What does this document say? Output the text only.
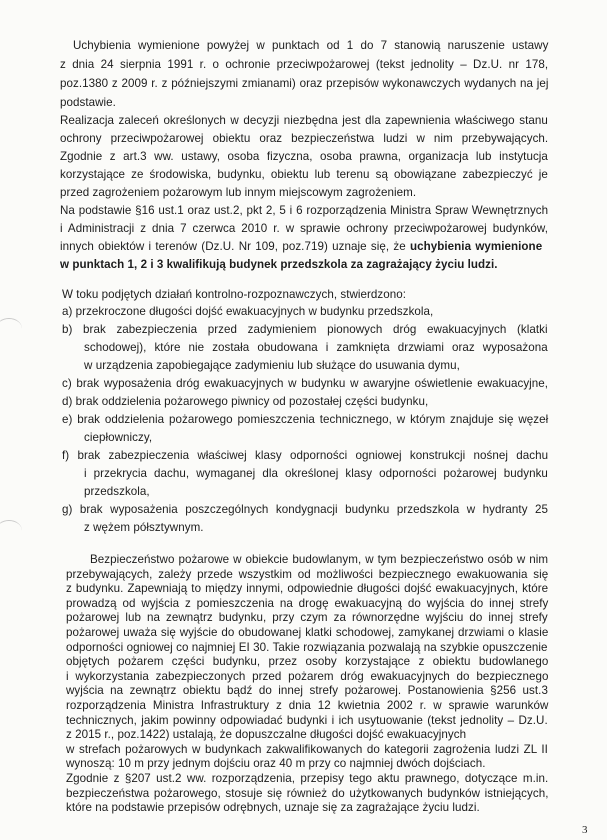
Uchybienia wymienione powyżej w punktach od 1 do 7 stanowią naruszenie ustawy
z dnia 24 sierpnia 1991 r. o ochronie przeciwpożarowej (tekst jednolity – Dz.U. nr 178,
poz.1380 z 2009 r. z późniejszymi zmianami) oraz przepisów wykonawczych wydanych na jej
podstawie.
Realizacja zaleceń określonych w decyzji niezbędna jest dla zapewnienia właściwego stanu
ochrony przeciwpożarowej obiektu oraz bezpieczeństwa ludzi w nim przebywających.
Zgodnie z art.3 ww. ustawy, osoba fizyczna, osoba prawna, organizacja lub instytucja
korzystające ze środowiska, budynku, obiektu lub terenu są obowiązane zabezpieczyć je
przed zagrożeniem pożarowym lub innym miejscowym zagrożeniem.
Na podstawie §16 ust.1 oraz ust.2, pkt 2, 5 i 6 rozporządzenia Ministra Spraw Wewnętrznych
i Administracji z dnia 7 czerwca 2010 r. w sprawie ochrony przeciwpożarowej budynków,
innych obiektów i terenów (Dz.U. Nr 109, poz.719) uznaje się, że uchybienia wymienione
w punktach 1, 2 i 3 kwalifikują budynek przedszkola za zagrażający życiu ludzi.
W toku podjętych działań kontrolno-rozpoznawczych, stwierdzono:
a) przekroczone długości dojść ewakuacyjnych w budynku przedszkola,
b) brak zabezpieczenia przed zadymieniem pionowych dróg ewakuacyjnych (klatki
schodowej), które nie została obudowana i zamknięta drzwiami oraz wyposażona
w urządzenia zapobiegające zadymieniu lub służące do usuwania dymu,
c) brak wyposażenia dróg ewakuacyjnych w budynku w awaryjne oświetlenie ewakuacyjne,
d) brak oddzielenia pożarowego piwnicy od pozostałej części budynku,
e) brak oddzielenia pożarowego pomieszczenia technicznego, w którym znajduje się węzeł
ciepłowniczy,
f) brak zabezpieczenia właściwej klasy odporności ogniowej konstrukcji nośnej dachu
i przekrycia dachu, wymaganej dla określonej klasy odporności pożarowej budynku
przedszkola,
g) brak wyposażenia poszczególnych kondygnacji budynku przedszkola w hydranty 25
z wężem półsztywnym.
Bezpieczeństwo pożarowe w obiekcie budowlanym, w tym bezpieczeństwo osób w nim
przebywających, zależy przede wszystkim od możliwości bezpiecznego ewakuowania się
z budynku. Zapewniają to między innymi, odpowiednie długości dojść ewakuacyjnych, które
prowadzą od wyjścia z pomieszczenia na drogę ewakuacyjną do wyjścia do innej strefy
pożarowej lub na zewnątrz budynku, przy czym za równorzędne wyjściu do innej strefy
pożarowej uważa się wyjście do obudowanej klatki schodowej, zamykanej drzwiami o klasie
odporności ogniowej co najmniej EI 30. Takie rozwiązania pozwalają na szybkie opuszczenie
objętych pożarem części budynku, przez osoby korzystające z obiektu budowlanego
i wykorzystania zabezpieczonych przed pożarem dróg ewakuacyjnych do bezpiecznego
wyjścia na zewnątrz obiektu bądź do innej strefy pożarowej. Postanowienia §256 ust.3
rozporządzenia Ministra Infrastruktury z dnia 12 kwietnia 2002 r. w sprawie warunków
technicznych, jakim powinny odpowiadać budynki i ich usytuowanie (tekst jednolity – Dz.U.
z 2015 r., poz.1422) ustalają, że dopuszczalne długości dojść ewakuacyjnych
w strefach pożarowych w budynkach zakwalifikowanych do kategorii zagrożenia ludzi ZL II
wynoszą: 10 m przy jednym dojściu oraz 40 m przy co najmniej dwóch dojściach.
Zgodnie z §207 ust.2 ww. rozporządzenia, przepisy tego aktu prawnego, dotyczące m.in.
bezpieczeństwa pożarowego, stosuje się również do użytkowanych budynków istniejących,
które na podstawie przepisów odrębnych, uznaje się za zagrażające życiu ludzi.
3
